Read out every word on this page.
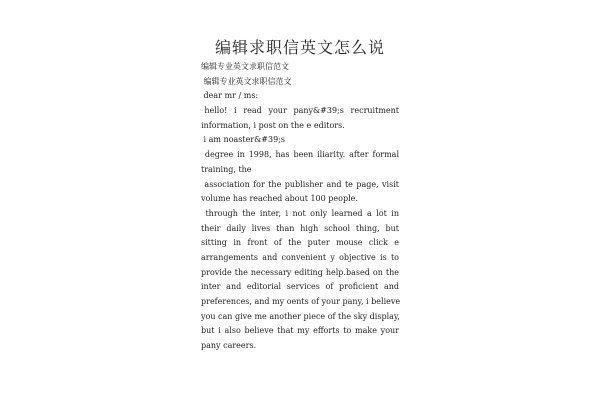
编辑求职信英文怎么说
编辑专业英文求职信范文
编辑专业英文求职信范文
dear mr / ms:
hello!  i  read  your  pany&#39;s  recruitment
information, i post on the e editors.
i am noaster&#39;s
degree in 1998, has been iliarity. after formal
training, the
association for the publisher and te page, visit
volume has reached about 100 people.
through the inter, i not only learned a lot in
their daily lives than high school thing, but
sitting in front of the puter mouse click e
arrangements and convenient y objective is to
provide the necessary editing help.based on the
inter and editorial services of proficient and
preferences, and my oents of your pany, i believe
you can give me another piece of the sky display,
but i also believe that my efforts to make your
pany careers.
